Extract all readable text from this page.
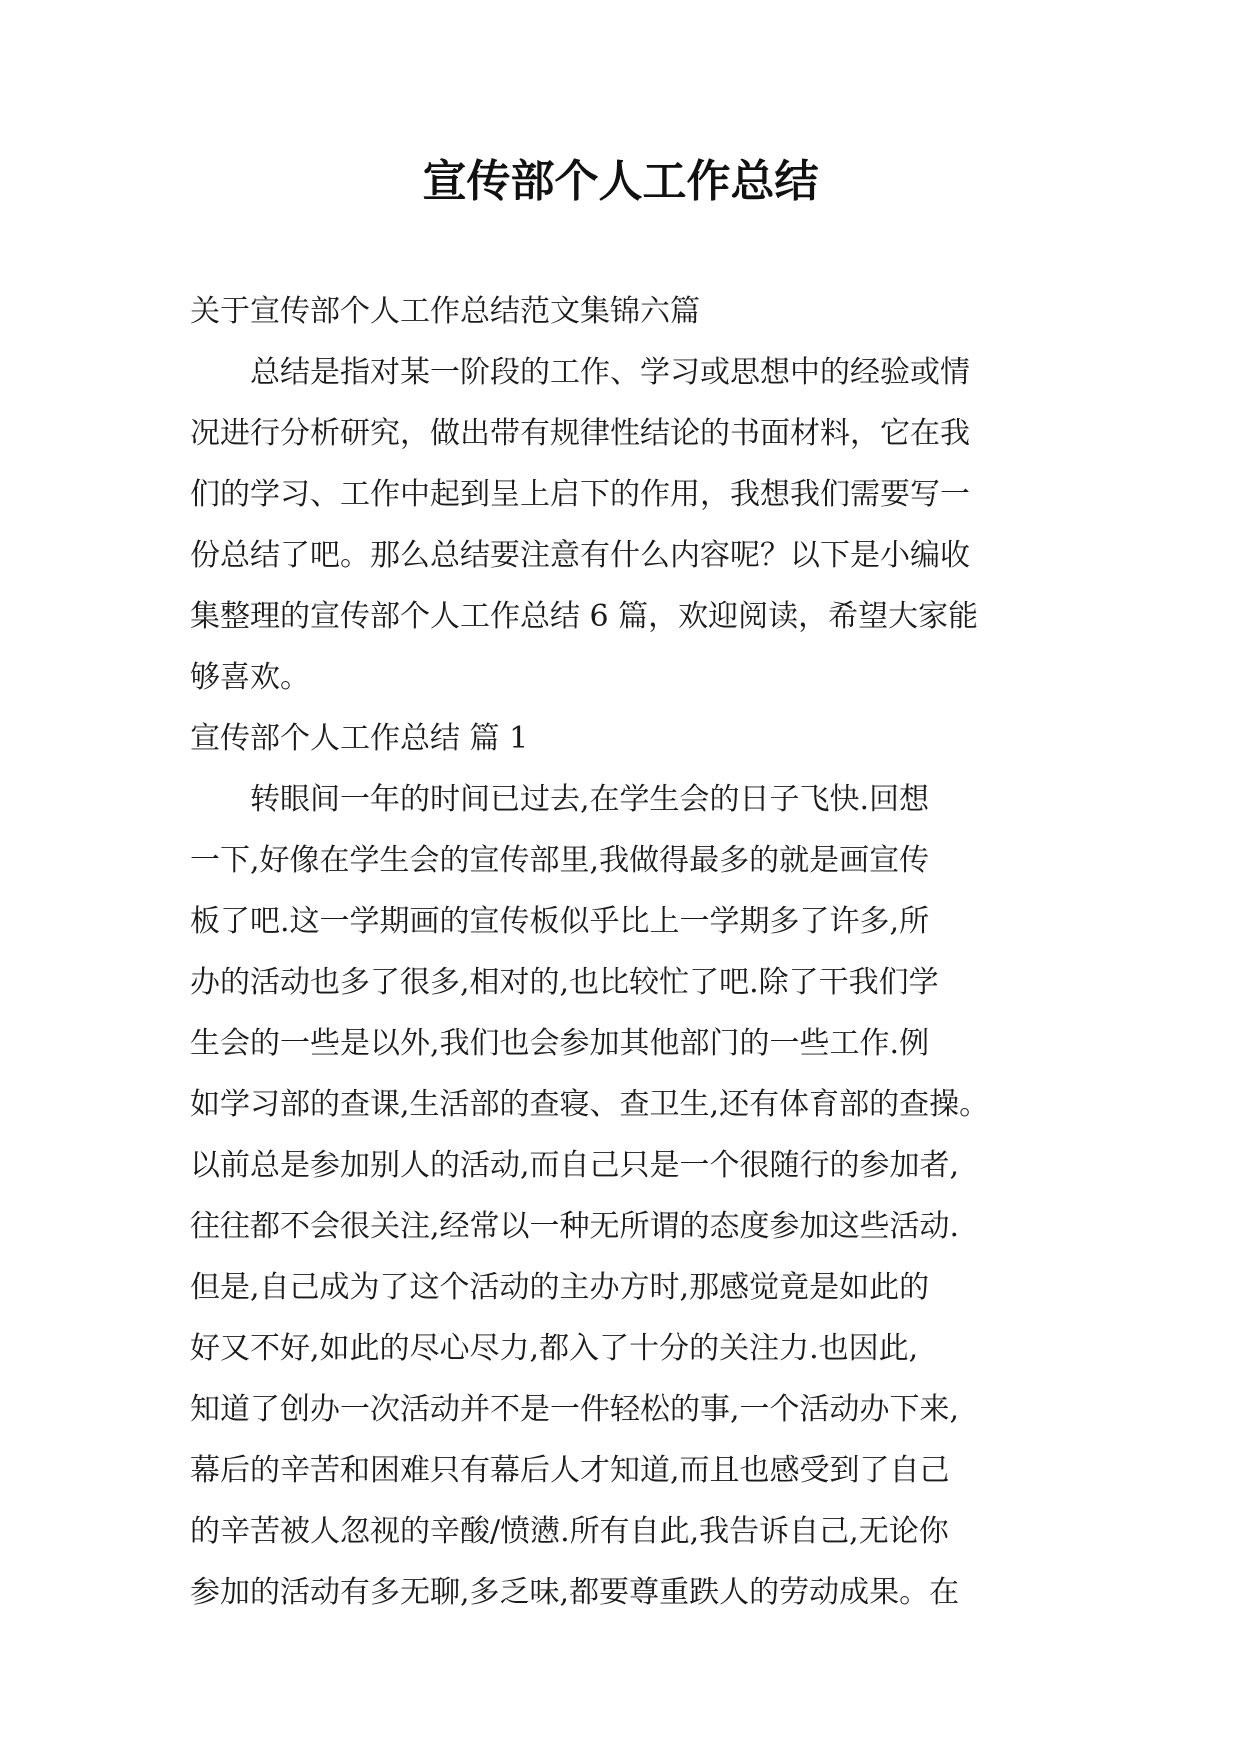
宣传部个人工作总结

关于宣传部个人工作总结范文集锦六篇

　　总结是指对某一阶段的工作、学习或思想中的经验或情

况进行分析研究，做出带有规律性结论的书面材料，它在我

们的学习、工作中起到呈上启下的作用，我想我们需要写一

份总结了吧。那么总结要注意有什么内容呢？以下是小编收

集整理的宣传部个人工作总结 6 篇，欢迎阅读，希望大家能

够喜欢。

宣传部个人工作总结 篇 1

　　转眼间一年的时间已过去,在学生会的日子飞快.回想

一下,好像在学生会的宣传部里,我做得最多的就是画宣传

板了吧.这一学期画的宣传板似乎比上一学期多了许多,所

办的活动也多了很多,相对的,也比较忙了吧.除了干我们学

生会的一些是以外,我们也会参加其他部门的一些工作.例

如学习部的查课,生活部的查寝、查卫生,还有体育部的查操。

以前总是参加别人的活动,而自己只是一个很随行的参加者,

往往都不会很关注,经常以一种无所谓的态度参加这些活动.

但是,自己成为了这个活动的主办方时,那感觉竟是如此的

好又不好,如此的尽心尽力,都入了十分的关注力.也因此,

知道了创办一次活动并不是一件轻松的事,一个活动办下来,

幕后的辛苦和困难只有幕后人才知道,而且也感受到了自己

的辛苦被人忽视的辛酸/愤懑.所有自此,我告诉自己,无论你

参加的活动有多无聊,多乏味,都要尊重跌人的劳动成果。在
